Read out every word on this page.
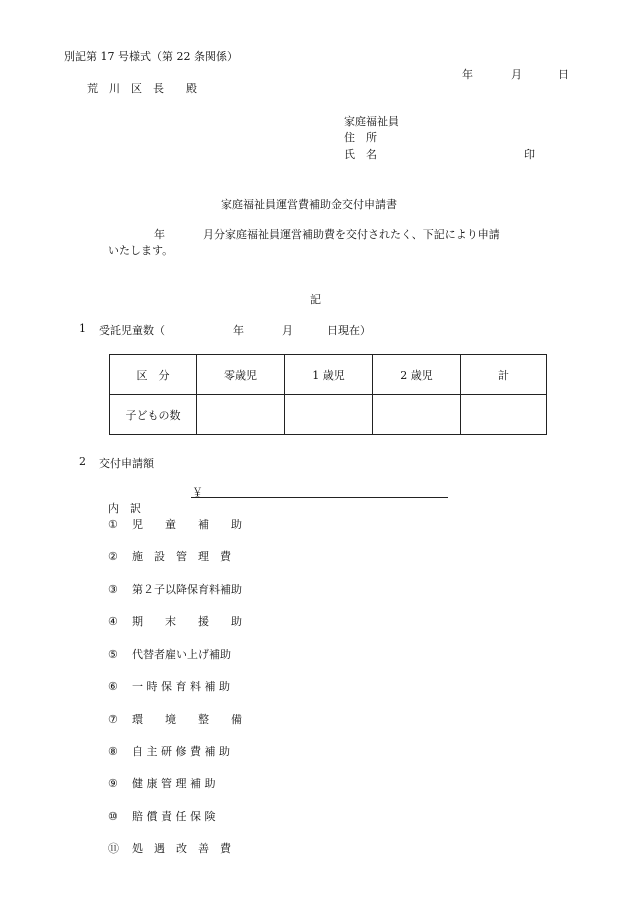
別記第 17 号様式（第 22 条関係）
年	月	日
荒　川　区　長　　殿
家庭福祉員
住　所
氏　名	印
家庭福祉員運営費補助金交付申請書
年	月分家庭福祉員運営補助費を交付されたく、下記により申請
いたします。
記
1 受託児童数（	年	月	日現在）
区　分	零歳児	1 歳児	2 歳児	計
子どもの数				
2 交付申請額
￥
内　訳
① 児　　童　　補　　助
② 施　設　管　理　費
③ 第２子以降保育料補助
④ 期　　末　　援　　助
⑤ 代替者雇い上げ補助
⑥ 一 時 保 育 料 補 助
⑦ 環　　境　　整　　備
⑧ 自 主 研 修 費 補 助
⑨ 健 康 管 理 補 助
⑩ 賠 償 責 任 保 険
⑪ 処　遇　改　善　費
